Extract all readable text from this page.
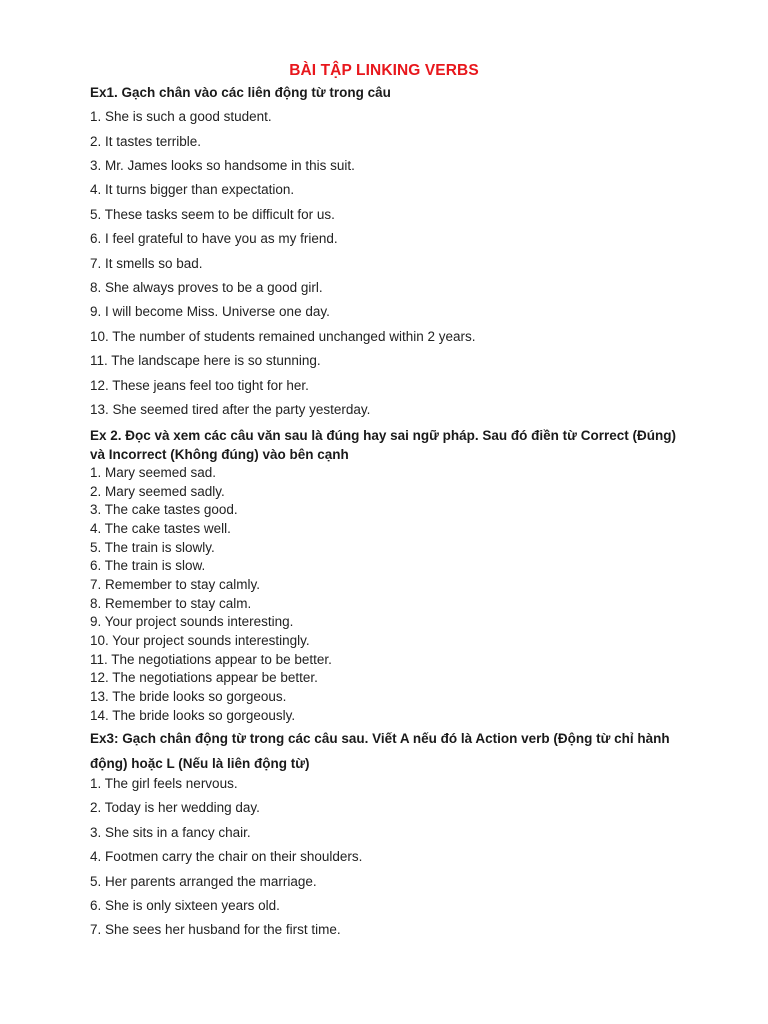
BÀI TẬP LINKING VERBS
Ex1. Gạch chân vào các liên động từ trong câu
1. She is such a good student.
2. It tastes terrible.
3. Mr. James looks so handsome in this suit.
4. It turns bigger than expectation.
5. These tasks seem to be difficult for us.
6. I feel grateful to have you as my friend.
7. It smells so bad.
8. She always proves to be a good girl.
9. I will become Miss. Universe one day.
10. The number of students remained unchanged within 2 years.
11. The landscape here is so stunning.
12. These jeans feel too tight for her.
13. She seemed tired after the party yesterday.
Ex 2. Đọc và xem các câu văn sau là đúng hay sai ngữ pháp. Sau đó điền từ Correct (Đúng) và Incorrect (Không đúng) vào bên cạnh
1. Mary seemed sad.
2. Mary seemed sadly.
3. The cake tastes good.
4. The cake tastes well.
5. The train is slowly.
6. The train is slow.
7. Remember to stay calmly.
8. Remember to stay calm.
9. Your project sounds interesting.
10. Your project sounds interestingly.
11. The negotiations appear to be better.
12. The negotiations appear be better.
13. The bride looks so gorgeous.
14. The bride looks so gorgeously.
Ex3: Gạch chân động từ trong các câu sau. Viết A nếu đó là Action verb (Động từ chỉ hành động) hoặc L (Nếu là liên động từ)
1. The girl feels nervous.
2. Today is her wedding day.
3. She sits in a fancy chair.
4. Footmen carry the chair on their shoulders.
5. Her parents arranged the marriage.
6. She is only sixteen years old.
7. She sees her husband for the first time.
